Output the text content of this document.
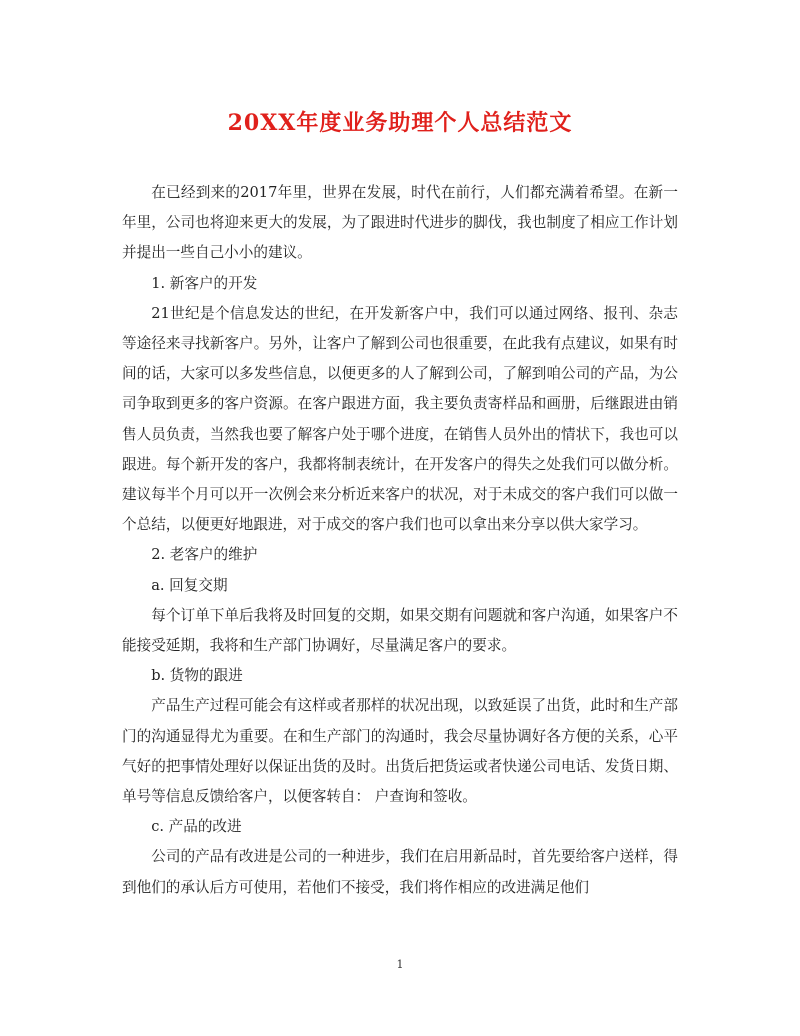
20XX年度业务助理个人总结范文

在已经到来的2017年里，世界在发展，时代在前行，人们都充满着希望。在新一年里，公司也将迎来更大的发展，为了跟进时代进步的脚伐，我也制度了相应工作计划并提出一些自己小小的建议。

1. 新客户的开发

21世纪是个信息发达的世纪，在开发新客户中，我们可以通过网络、报刊、杂志等途径来寻找新客户。另外，让客户了解到公司也很重要，在此我有点建议，如果有时间的话，大家可以多发些信息，以便更多的人了解到公司，了解到咱公司的产品，为公司争取到更多的客户资源。在客户跟进方面，我主要负责寄样品和画册，后继跟进由销售人员负责，当然我也要了解客户处于哪个进度，在销售人员外出的情状下，我也可以跟进。每个新开发的客户，我都将制表统计，在开发客户的得失之处我们可以做分析。建议每半个月可以开一次例会来分析近来客户的状况，对于未成交的客户我们可以做一个总结，以便更好地跟进，对于成交的客户我们也可以拿出来分享以供大家学习。

2. 老客户的维护

a. 回复交期

每个订单下单后我将及时回复的交期，如果交期有问题就和客户沟通，如果客户不能接受延期，我将和生产部门协调好，尽量满足客户的要求。

b. 货物的跟进

产品生产过程可能会有这样或者那样的状况出现，以致延误了出货，此时和生产部门的沟通显得尤为重要。在和生产部门的沟通时，我会尽量协调好各方便的关系，心平气好的把事情处理好以保证出货的及时。出货后把货运或者快递公司电话、发货日期、单号等信息反馈给客户，以便客转自： 户查询和签收。

c. 产品的改进

公司的产品有改进是公司的一种进步，我们在启用新品时，首先要给客户送样，得到他们的承认后方可使用，若他们不接受，我们将作相应的改进满足他们

1
